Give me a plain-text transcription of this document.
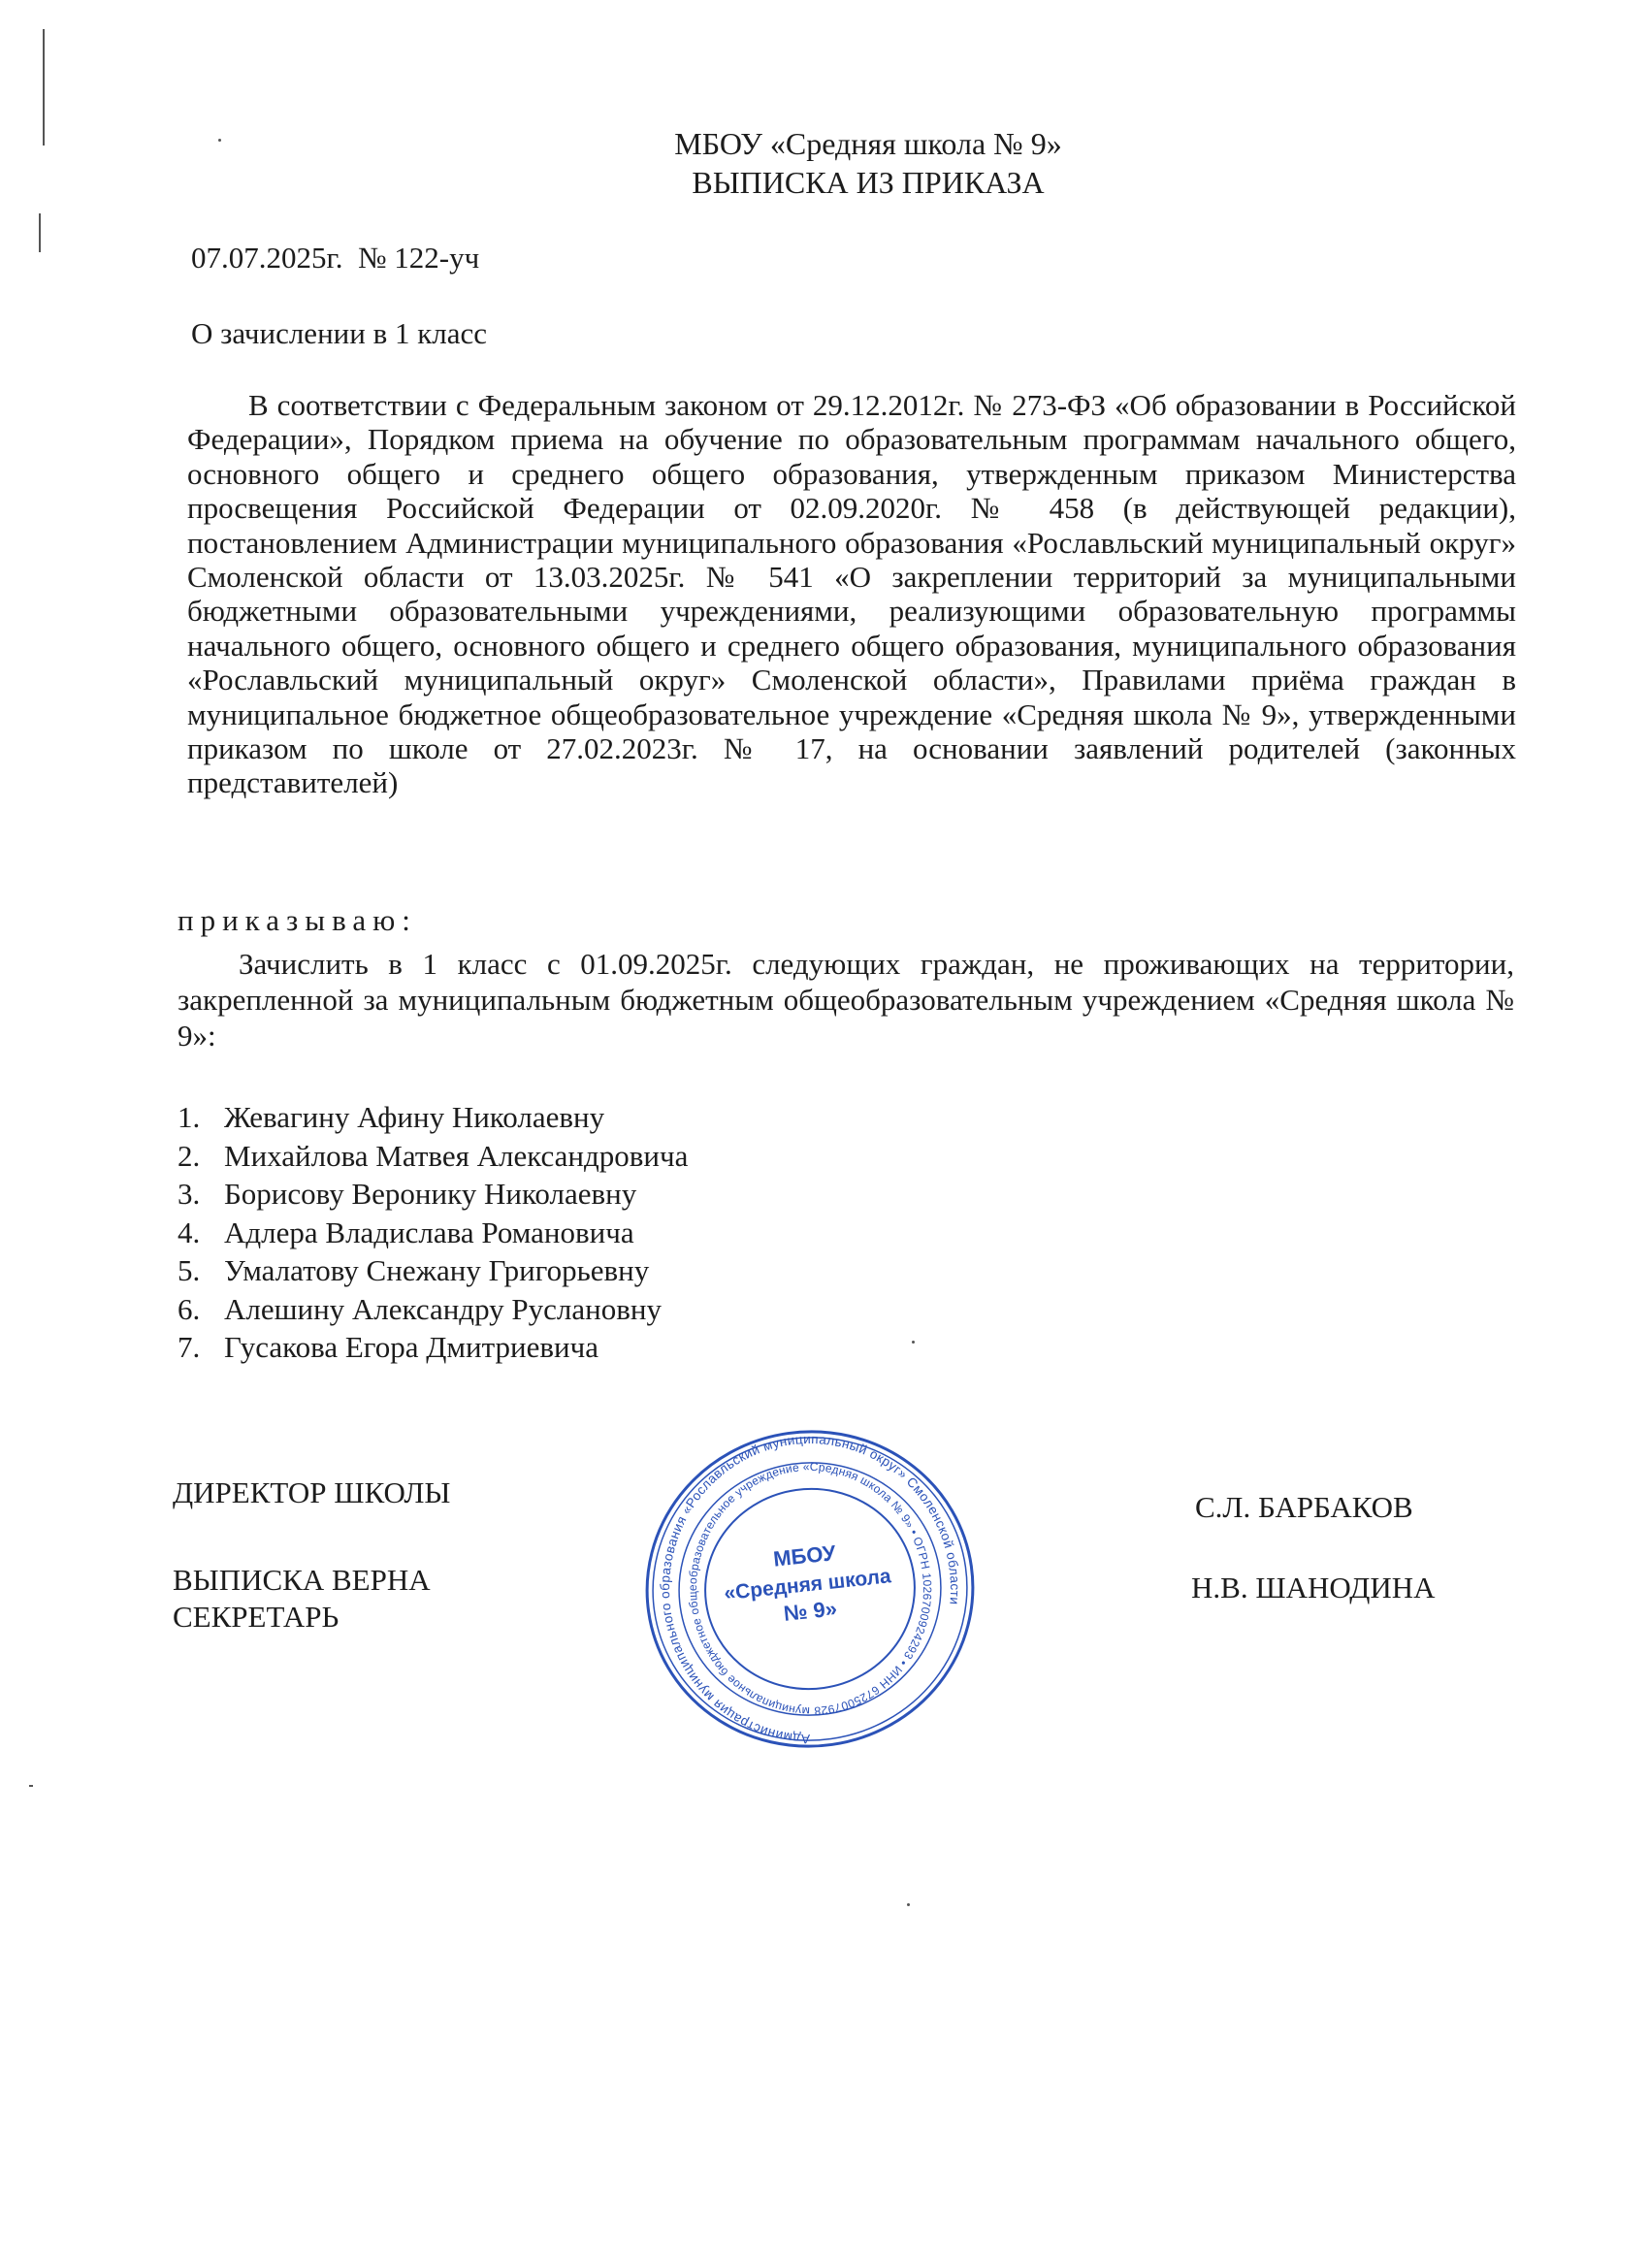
МБОУ «Средняя школа № 9»
ВЫПИСКА ИЗ ПРИКАЗА
07.07.2025г.  № 122-уч
О зачислении в 1 класс

В соответствии с Федеральным законом от 29.12.2012г. № 273-ФЗ «Об образовании в Российской Федерации», Порядком приема на обучение по образовательным программам начального общего, основного общего и среднего общего образования, утвержденным приказом Министерства просвещения Российской Федерации от 02.09.2020г. № 458 (в действующей редакции), постановлением Администрации муниципального образования «Рославльский муниципальный округ» Смоленской области от 13.03.2025г. № 541 «О закреплении территорий за муниципальными бюджетными образовательными учреждениями, реализующими образовательную программы начального общего, основного общего и среднего общего образования, муниципального образования «Рославльский муниципальный округ» Смоленской области», Правилами приёма граждан в муниципальное бюджетное общеобразовательное учреждение «Средняя школа № 9», утвержденными приказом по школе от 27.02.2023г. № 17, на основании заявлений родителей (законных представителей)

приказываю:

Зачислить в 1 класс с 01.09.2025г. следующих граждан, не проживающих на территории, закрепленной за муниципальным бюджетным общеобразовательным учреждением «Средняя школа № 9»:

1. Жевагину Афину Николаевну
2. Михайлова Матвея Александровича
3. Борисову Веронику Николаевну
4. Адлера Владислава Романовича
5. Умалатову Снежану Григорьевну
6. Алешину Александру Руслановну
7. Гусакова Егора Дмитриевича
ДИРЕКТОР ШКОЛЫ	С.Л. БАРБАКОВ
ВЫПИСКА ВЕРНА
СЕКРЕТАРЬ
Н.В. ШАНОДИНА
Администрация муниципального образования «Рославльский муниципальный округ» Смоленской области
муниципальное бюджетное общеобразовательное учреждение «Средняя школа № 9» • ОГРН 1026700924293 • ИНН 6725007928
МБОУ
«Средняя школа
№ 9»
